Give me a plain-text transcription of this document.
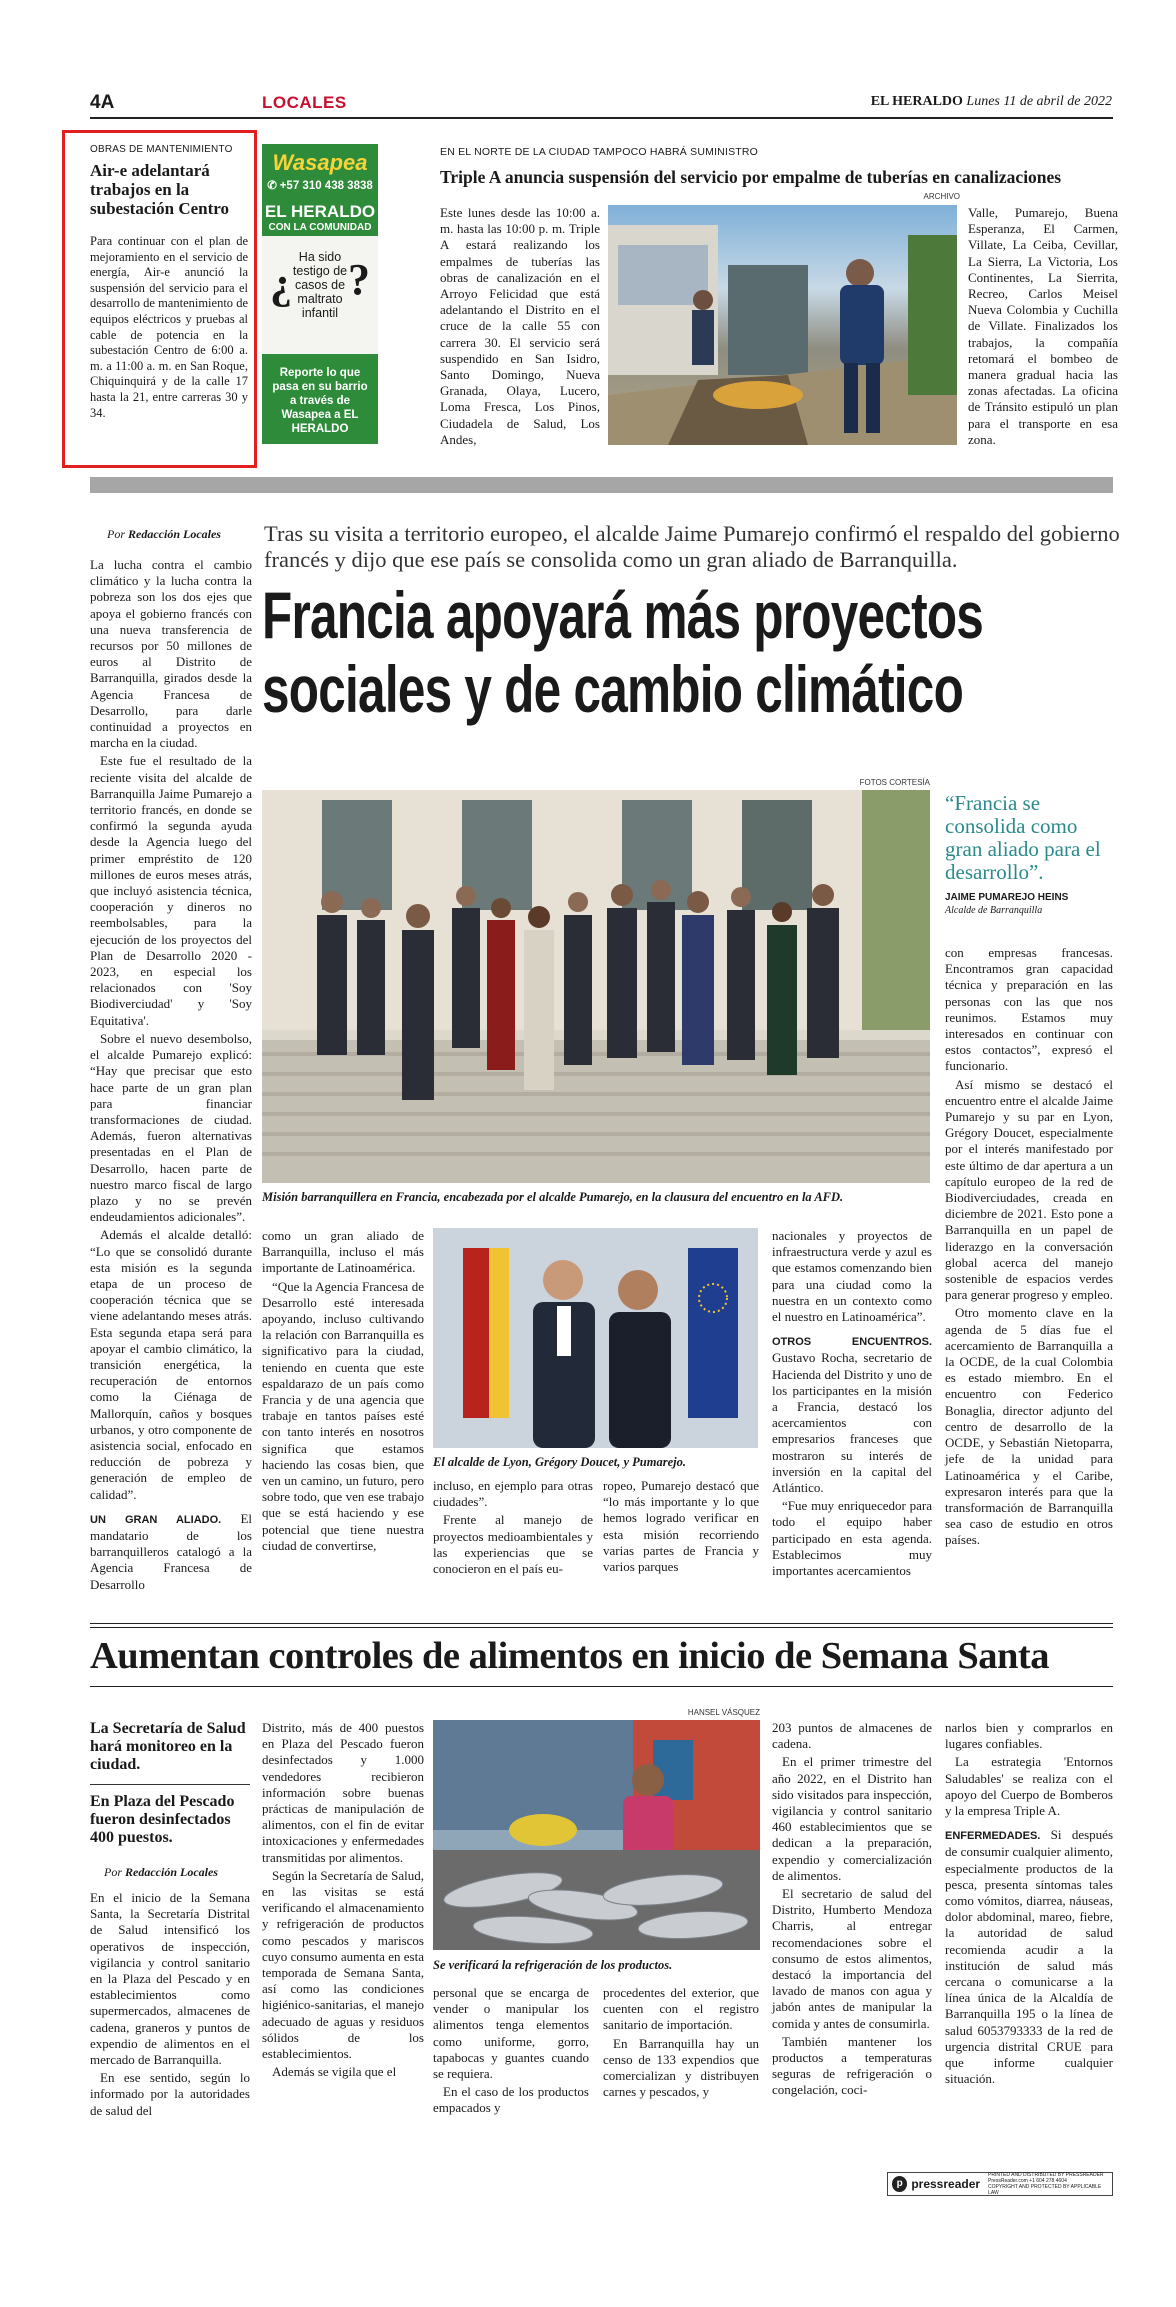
4A	LOCALES	EL HERALDO Lunes 11 de abril de 2022
OBRAS DE MANTENIMIENTO
Air-e adelantará trabajos en la subestación Centro

Para continuar con el plan de mejoramiento en el servicio de energía, Air-e anunció la suspensión del servicio para el desarrollo de mantenimiento de equipos eléctricos y pruebas al cable de potencia en la subestación Centro de 6:00 a. m. a 11:00 a. m. en San Roque, Chiquinquirá y de la calle 17 hasta la 21, entre carreras 30 y 34.

Wasapea
✆ +57 310 438 3838
EL HERALDO
CON LA COMUNIDAD
¿
Ha sido testigo de casos de maltrato infantil
?
Reporte lo que pasa en su barrio a través de Wasapea a EL HERALDO
EN EL NORTE DE LA CIUDAD TAMPOCO HABRÁ SUMINISTRO
Triple A anuncia suspensión del servicio por empalme de tuberías en canalizaciones
ARCHIVO

Este lunes desde las 10:00 a. m. hasta las 10:00 p. m. Triple A estará realizando los empalmes de tuberías las obras de canalización en el Arroyo Felicidad que está adelantando el Distrito en el cruce de la calle 55 con carrera 30. El servicio será suspendido en San Isidro, Santo Domingo, Nueva Granada, Olaya, Lucero, Loma Fresca, Los Pinos, Ciudadela de Salud, Los Andes,

Valle, Pumarejo, Buena Esperanza, El Carmen, Villate, La Ceiba, Cevillar, La Sierra, La Victoria, Los Continentes, La Sierrita, Recreo, Carlos Meisel Nueva Colombia y Cuchilla de Villate. Finalizados los trabajos, la compañía retomará el bombeo de manera gradual hacia las zonas afectadas. La oficina de Tránsito estipuló un plan para el transporte en esa zona.

Por Redacción Locales Tras su visita a territorio europeo, el alcalde Jaime Pumarejo confirmó el respaldo del gobierno francés y dijo que ese país se consolida como un gran aliado de Barranquilla.
Francia apoyará más proyectos
sociales y de cambio climático

La lucha contra el cambio climático y la lucha contra la pobreza son los dos ejes que apoya el gobierno francés con una nueva transferencia de recursos por 50 millones de euros al Distrito de Barranquilla, girados desde la Agencia Francesa de Desarrollo, para darle continuidad a proyectos en marcha en la ciudad.

Este fue el resultado de la reciente visita del alcalde de Barranquilla Jaime Pumarejo a territorio francés, en donde se confirmó la segunda ayuda desde la Agencia luego del primer empréstito de 120 millones de euros meses atrás, que incluyó asistencia técnica, cooperación y dineros no reembolsables, para la ejecución de los proyectos del Plan de Desarrollo 2020 - 2023, en especial los relacionados con 'Soy Biodiverciudad' y 'Soy Equitativa'.

Sobre el nuevo desembolso, el alcalde Pumarejo explicó: “Hay que precisar que esto hace parte de un gran plan para financiar transformaciones de ciudad. Además, fueron alternativas presentadas en el Plan de Desarrollo, hacen parte de nuestro marco fiscal de largo plazo y no se prevén endeudamientos adicionales”.

Además el alcalde detalló: “Lo que se consolidó durante esta misión es la segunda etapa de un proceso de cooperación técnica que se viene adelantando meses atrás. Esta segunda etapa será para apoyar el cambio climático, la transición energética, la recuperación de entornos como la Ciénaga de Mallorquín, caños y bosques urbanos, y otro componente de asistencia social, enfocado en reducción de pobreza y generación de empleo de calidad”.

UN GRAN ALIADO. El mandatario de los barranquilleros catalogó a la Agencia Francesa de Desarrollo

FOTOS CORTESÍA
Misión barranquillera en Francia, encabezada por el alcalde Pumarejo, en la clausura del encuentro en la AFD.
“Francia se consolida como gran aliado para el desarrollo”.
JAIME PUMAREJO HEINS
Alcalde de Barranquilla

con empresas francesas. Encontramos gran capacidad técnica y preparación en las personas con las que nos reunimos. Estamos muy interesados en continuar con estos contactos”, expresó el funcionario.

Así mismo se destacó el encuentro entre el alcalde Jaime Pumarejo y su par en Lyon, Grégory Doucet, especialmente por el interés manifestado por este último de dar apertura a un capítulo europeo de la red de Biodiverciudades, creada en diciembre de 2021. Esto pone a Barranquilla en un papel de liderazgo en la conversación global acerca del manejo sostenible de espacios verdes para generar progreso y empleo.

Otro momento clave en la agenda de 5 días fue el acercamiento de Barranquilla a la OCDE, de la cual Colombia es estado miembro. En el encuentro con Federico Bonaglia, director adjunto del centro de desarrollo de la OCDE, y Sebastián Nietoparra, jefe de la unidad para Latinoamérica y el Caribe, expresaron interés para que la transformación de Barranquilla sea caso de estudio en otros países.

El alcalde de Lyon, Grégory Doucet, y Pumarejo.

como un gran aliado de Barranquilla, incluso el más importante de Latinoamérica.

“Que la Agencia Francesa de Desarrollo esté interesada apoyando, incluso cultivando la relación con Barranquilla es significativo para la ciudad, teniendo en cuenta que este espaldarazo de un país como Francia y de una agencia que trabaje en tantos países esté con tanto interés en nosotros significa que estamos haciendo las cosas bien, que ven un camino, un futuro, pero sobre todo, que ven ese trabajo que se está haciendo y ese potencial que tiene nuestra ciudad de convertirse,

incluso, en ejemplo para otras ciudades”.

Frente al manejo de proyectos medioambientales y las experiencias que se conocieron en el país eu-

ropeo, Pumarejo destacó que “lo más importante y lo que hemos logrado verificar en esta misión recorriendo varias partes de Francia y varios parques

nacionales y proyectos de infraestructura verde y azul es que estamos comenzando bien para una ciudad como la nuestra en un contexto como el nuestro en Latinoamérica”.

OTROS ENCUENTROS. Gustavo Rocha, secretario de Hacienda del Distrito y uno de los participantes en la misión a Francia, destacó los acercamientos con empresarios franceses que mostraron su interés de inversión en la capital del Atlántico.

“Fue muy enriquecedor para todo el equipo haber participado en esta agenda. Establecimos muy importantes acercamientos

Aumentan controles de alimentos en inicio de Semana Santa
La Secretaría de Salud hará monitoreo en la ciudad.
En Plaza del Pescado fueron desinfectados 400 puestos.
Por Redacción Locales

En el inicio de la Semana Santa, la Secretaría Distrital de Salud intensificó los operativos de inspección, vigilancia y control sanitario en la Plaza del Pescado y en establecimientos como supermercados, almacenes de cadena, graneros y puntos de expendio de alimentos en el mercado de Barranquilla.

En ese sentido, según lo informado por la autoridades de salud del

Distrito, más de 400 puestos en Plaza del Pescado fueron desinfectados y 1.000 vendedores recibieron información sobre buenas prácticas de manipulación de alimentos, con el fin de evitar intoxicaciones y enfermedades transmitidas por alimentos.

Según la Secretaría de Salud, en las visitas se está verificando el almacenamiento y refrigeración de productos como pescados y mariscos cuyo consumo aumenta en esta temporada de Semana Santa, así como las condiciones higiénico-sanitarias, el manejo adecuado de aguas y residuos sólidos de los establecimientos.

Además se vigila que el

HANSEL VÁSQUEZ
Se verificará la refrigeración de los productos.

personal que se encarga de vender o manipular los alimentos tenga elementos como uniforme, gorro, tapabocas y guantes cuando se requiera.

En el caso de los productos empacados y

procedentes del exterior, que cuenten con el registro sanitario de importación.

En Barranquilla hay un censo de 133 expendios que comercializan y distribuyen carnes y pescados, y

203 puntos de almacenes de cadena.

En el primer trimestre del año 2022, en el Distrito han sido visitados para inspección, vigilancia y control sanitario 460 establecimientos que se dedican a la preparación, expendio y comercialización de alimentos.

El secretario de salud del Distrito, Humberto Mendoza Charris, al entregar recomendaciones sobre el consumo de estos alimentos, destacó la importancia del lavado de manos con agua y jabón antes de manipular la comida y antes de consumirla.

También mantener los productos a temperaturas seguras de refrigeración o congelación, coci-

narlos bien y comprarlos en lugares confiables.

La estrategia 'Entornos Saludables' se realiza con el apoyo del Cuerpo de Bomberos y la empresa Triple A.

ENFERMEDADES. Si después de consumir cualquier alimento, especialmente productos de la pesca, presenta síntomas tales como vómitos, diarrea, náuseas, dolor abdominal, mareo, fiebre, la autoridad de salud recomienda acudir a la institución de salud más cercana o comunicarse a la línea única de la Alcaldía de Barranquilla 195 o la línea de salud 6053793333 de la red de urgencia distrital CRUE para que informe cualquier situación.

p pressreader
PRINTED AND DISTRIBUTED BY PRESSREADER
PressReader.com +1 604 278 4604
COPYRIGHT AND PROTECTED BY APPLICABLE LAW
